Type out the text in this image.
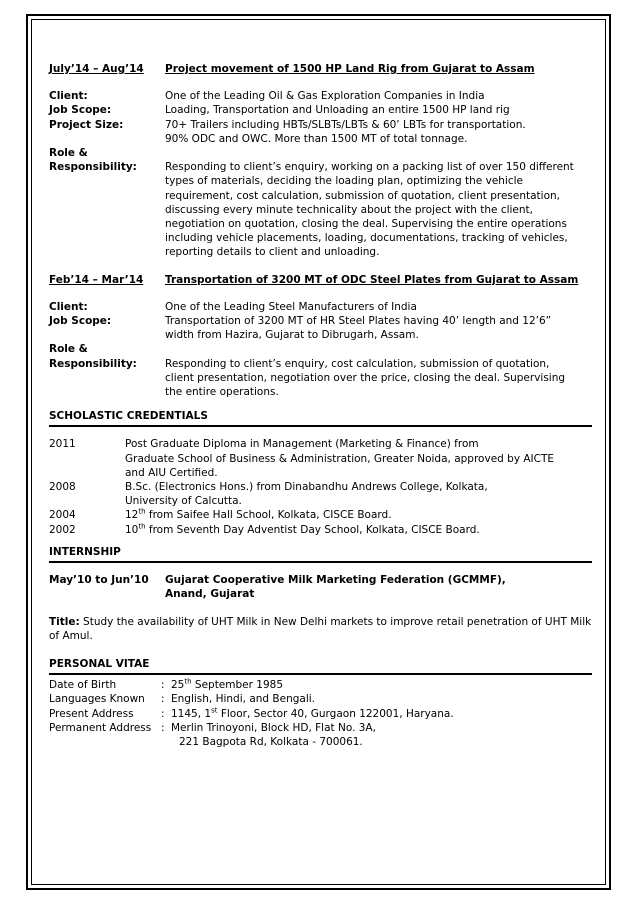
July’14 – Aug’14	Project movement of 1500 HP Land Rig from Gujarat to Assam
Client:	One of the Leading Oil & Gas Exploration Companies in India
Job Scope:	Loading, Transportation and Unloading an entire 1500 HP land rig
Project Size:	70+ Trailers including HBTs/SLBTs/LBTs & 60’ LBTs for transportation.
90% ODC and OWC. More than 1500 MT of total tonnage.
Role &
Responsibility:	Responding to client’s enquiry, working on a packing list of over 150 different
types of materials, deciding the loading plan, optimizing the vehicle
requirement, cost calculation, submission of quotation, client presentation,
discussing every minute technicality about the project with the client,
negotiation on quotation, closing the deal. Supervising the entire operations
including vehicle placements, loading, documentations, tracking of vehicles,
reporting details to client and unloading.
Feb’14 – Mar’14	Transportation of 3200 MT of ODC Steel Plates from Gujarat to Assam
Client:	One of the Leading Steel Manufacturers of India
Job Scope:	Transportation of 3200 MT of HR Steel Plates having 40’ length and 12’6”
width from Hazira, Gujarat to Dibrugarh, Assam.
Role &
Responsibility:	Responding to client’s enquiry, cost calculation, submission of quotation,
client presentation, negotiation over the price, closing the deal. Supervising
the entire operations.
SCHOLASTIC CREDENTIALS
2011	Post Graduate Diploma in Management (Marketing & Finance) from
Graduate School of Business & Administration, Greater Noida, approved by AICTE
and AIU Certified.
2008	B.Sc. (Electronics Hons.) from Dinabandhu Andrews College, Kolkata,
University of Calcutta.
2004	12th from Saifee Hall School, Kolkata, CISCE Board.
2002	10th from Seventh Day Adventist Day School, Kolkata, CISCE Board.
INTERNSHIP
May’10 to Jun’10	Gujarat Cooperative Milk Marketing Federation (GCMMF),
Anand, Gujarat
Title: Study the availability of UHT Milk in New Delhi markets to improve retail penetration of UHT Milk of Amul.
PERSONAL VITAE
Date of Birth	: 25th September 1985
Languages Known	: English, Hindi, and Bengali.
Present Address	: 1145, 1st Floor, Sector 40, Gurgaon 122001, Haryana.
Permanent Address : Merlin Trinoyoni, Block HD, Flat No. 3A,
221 Bagpota Rd, Kolkata - 700061.
